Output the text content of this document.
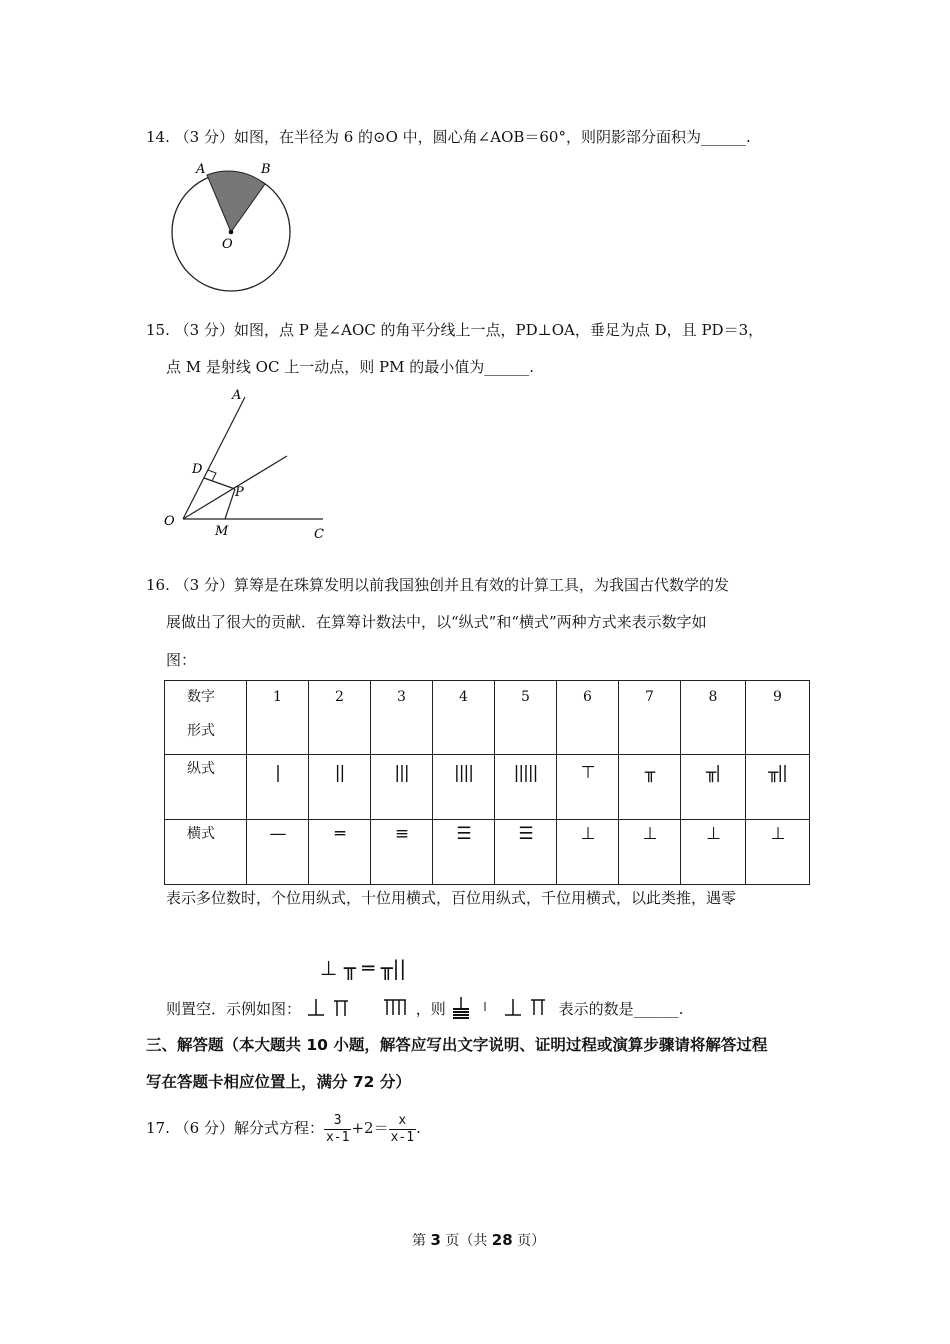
14. （3 分）如图，在半径为 6 的⊙O 中，圆心角∠AOB＝60°，则阴影部分面积为______.
A	B
O
15. （3 分）如图，点 P 是∠AOC 的角平分线上一点，PD⊥OA，垂足为点 D，且 PD＝3，
点 M 是射线 OC 上一动点，则 PM 的最小值为______.
A
D
P
O
M	C
16. （3 分）算筹是在珠算发明以前我国独创并且有效的计算工具，为我国古代数学的发
展做出了很大的贡献．在算筹计数法中，以“纵式”和“横式”两种方式来表示数字如
图：
数字
形式	1	2	3	4	5	6	7	8	9
纵式	|	||	|||	||||	|||||	⊤	╥	╥|	╥||

横式	—	═	≡	☰	☰	⊥	⊥	⊥	⊥
表示多位数时，个位用纵式，十位用横式，百位用纵式，千位用横式，以此类推，遇零
⊥ ╥ ═ ╥||
则置空．示例如图：	，则	表示的数是______.
三、解答题（本大题共 10 小题，解答应写出文字说明、证明过程或演算步骤请将解答过程
写在答题卡相应位置上，满分 72 分）
17. （6 分）解分式方程： $\frac{3}{x-1} +2= \frac{x}{x-1}$ .
第 3 页（共 28 页）
